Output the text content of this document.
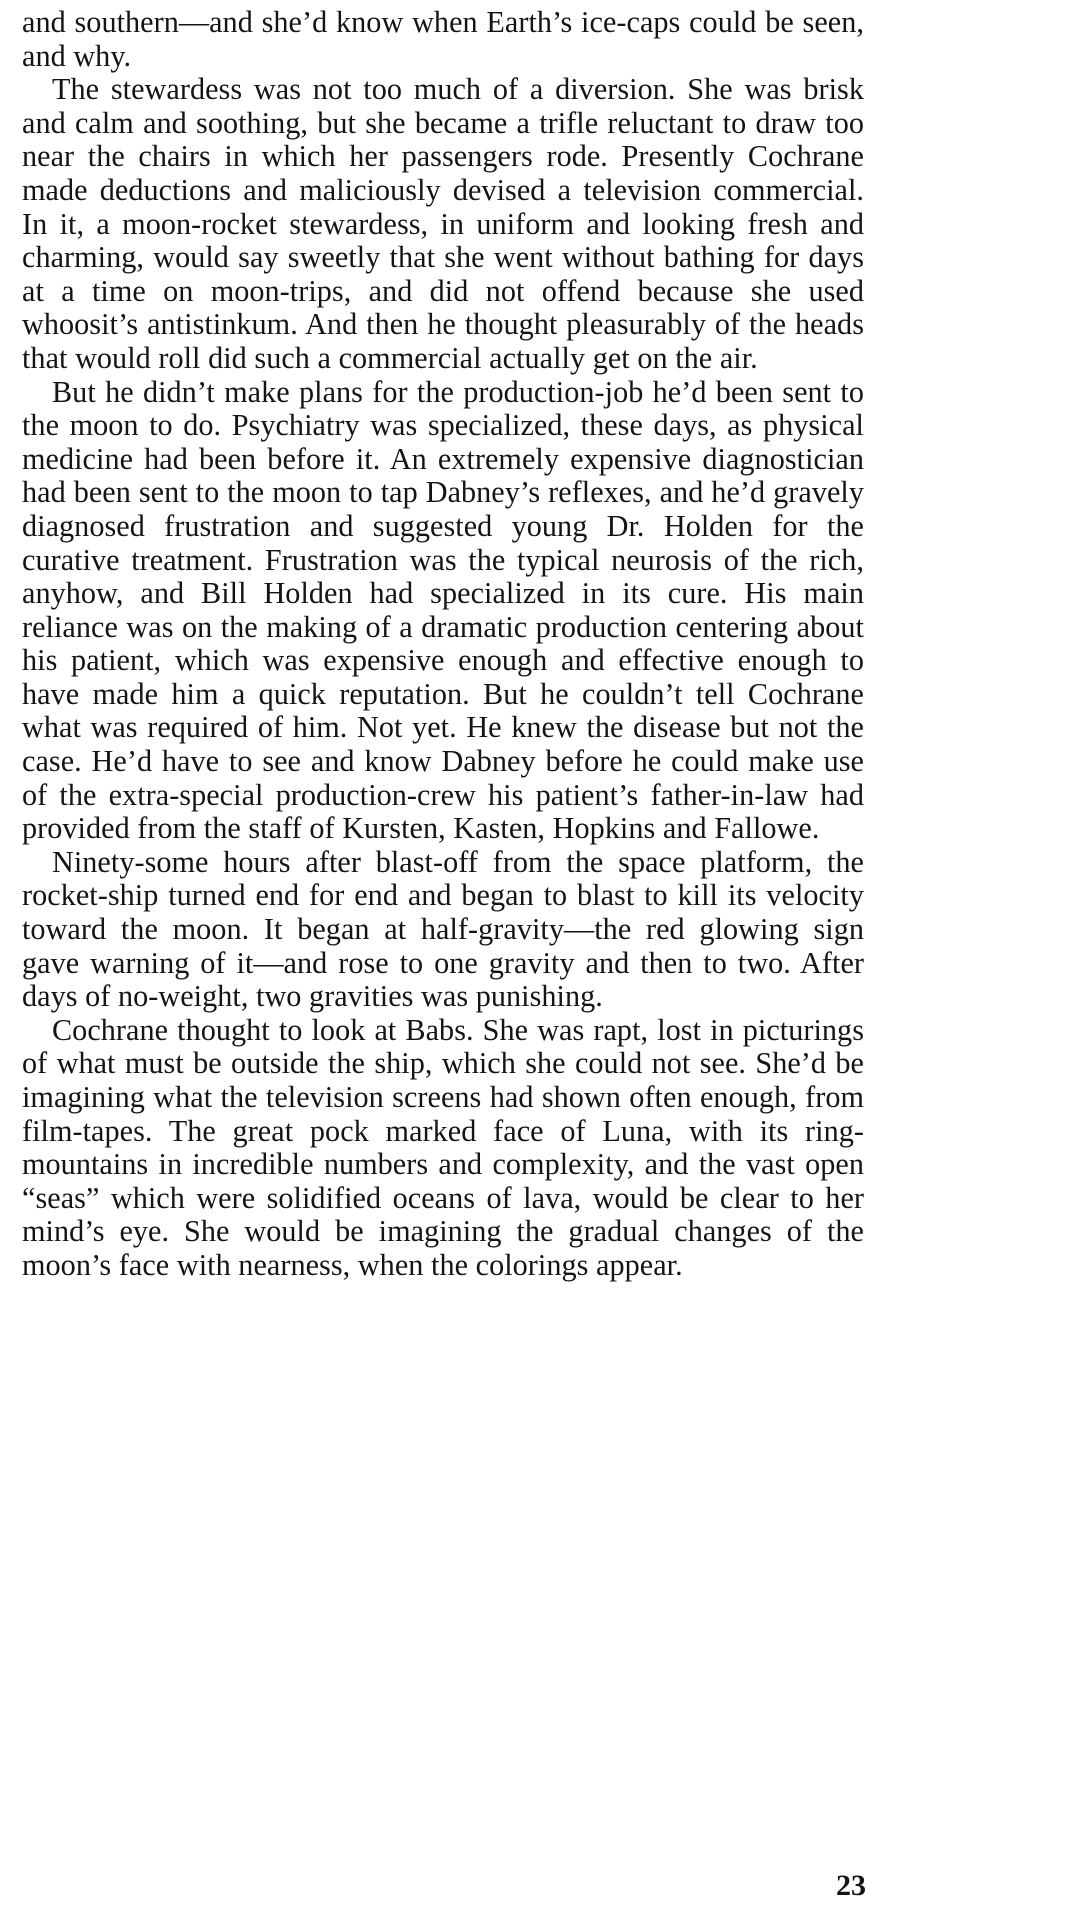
and southern—and she’d know when Earth’s ice-caps could be seen, and why.

The stewardess was not too much of a diversion. She was brisk and calm and soothing, but she became a trifle reluctant to draw too near the chairs in which her passengers rode. Presently Cochrane made deductions and maliciously devised a television commercial. In it, a moon-rocket stewardess, in uniform and looking fresh and charming, would say sweetly that she went without bathing for days at a time on moon-trips, and did not offend because she used whoosit’s antistinkum. And then he thought pleasurably of the heads that would roll did such a commercial actually get on the air.

But he didn’t make plans for the production-job he’d been sent to the moon to do. Psychiatry was specialized, these days, as physical medicine had been before it. An extremely expensive diagnostician had been sent to the moon to tap Dabney’s reflexes, and he’d gravely diagnosed frustration and suggested young Dr. Holden for the curative treatment. Frustration was the typical neurosis of the rich, anyhow, and Bill Holden had specialized in its cure. His main reliance was on the making of a dramatic production centering about his patient, which was expensive enough and effective enough to have made him a quick reputation. But he couldn’t tell Cochrane what was required of him. Not yet. He knew the disease but not the case. He’d have to see and know Dabney before he could make use of the extra-special production-crew his patient’s father-in-law had provided from the staff of Kursten, Kasten, Hopkins and Fallowe.

Ninety-some hours after blast-off from the space platform, the rocket-ship turned end for end and began to blast to kill its velocity toward the moon. It began at half-gravity—the red glowing sign gave warning of it—and rose to one gravity and then to two. After days of no-weight, two gravities was punishing.

Cochrane thought to look at Babs. She was rapt, lost in picturings of what must be outside the ship, which she could not see. She’d be imagining what the television screens had shown often enough, from film-tapes. The great pock marked face of Luna, with its ring-mountains in incredible numbers and complexity, and the vast open “seas” which were solidified oceans of lava, would be clear to her mind’s eye. She would be imagining the gradual changes of the moon’s face with nearness, when the colorings appear.

23
